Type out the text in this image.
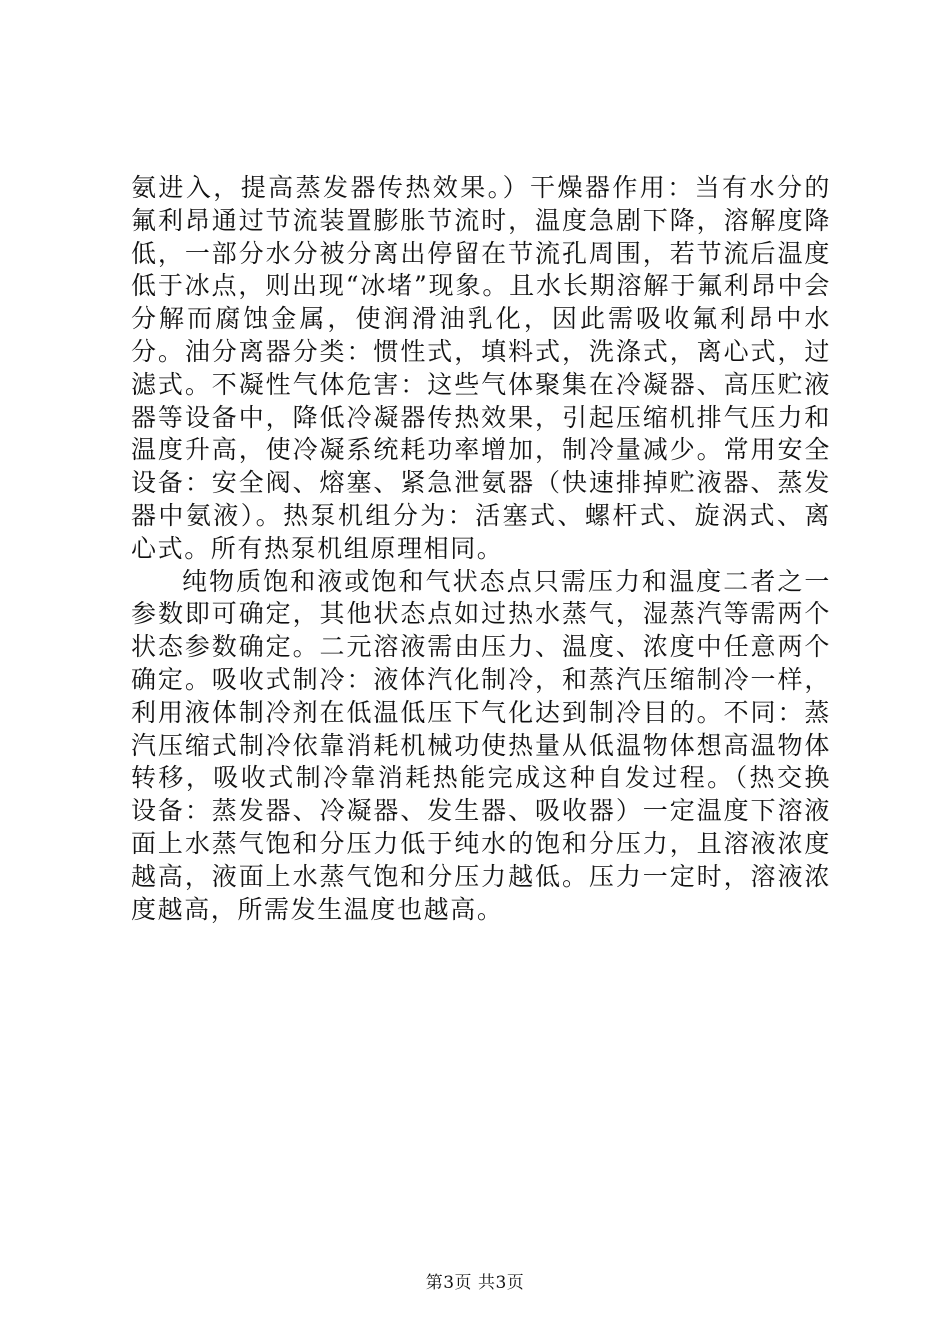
氨进入，提高蒸发器传热效果。）干燥器作用：当有水分的氟利昂通过节流装置膨胀节流时，温度急剧下降，溶解度降低，一部分水分被分离出停留在节流孔周围，若节流后温度低于冰点，则出现“冰堵”现象。且水长期溶解于氟利昂中会分解而腐蚀金属，使润滑油乳化，因此需吸收氟利昂中水分。油分离器分类：惯性式，填料式，洗涤式，离心式，过滤式。不凝性气体危害：这些气体聚集在冷凝器、高压贮液器等设备中，降低冷凝器传热效果，引起压缩机排气压力和温度升高，使冷凝系统耗功率增加，制冷量减少。常用安全设备：安全阀、熔塞、紧急泄氨器（快速排掉贮液器、蒸发器中氨液）。热泵机组分为：活塞式、螺杆式、旋涡式、离心式。所有热泵机组原理相同。

纯物质饱和液或饱和气状态点只需压力和温度二者之一参数即可确定，其他状态点如过热水蒸气，湿蒸汽等需两个状态参数确定。二元溶液需由压力、温度、浓度中任意两个确定。吸收式制冷：液体汽化制冷，和蒸汽压缩制冷一样，利用液体制冷剂在低温低压下气化达到制冷目的。不同：蒸汽压缩式制冷依靠消耗机械功使热量从低温物体想高温物体转移，吸收式制冷靠消耗热能完成这种自发过程。（热交换设备：蒸发器、冷凝器、发生器、吸收器）一定温度下溶液面上水蒸气饱和分压力低于纯水的饱和分压力，且溶液浓度越高，液面上水蒸气饱和分压力越低。压力一定时，溶液浓度越高，所需发生温度也越高。

第3页 共3页
